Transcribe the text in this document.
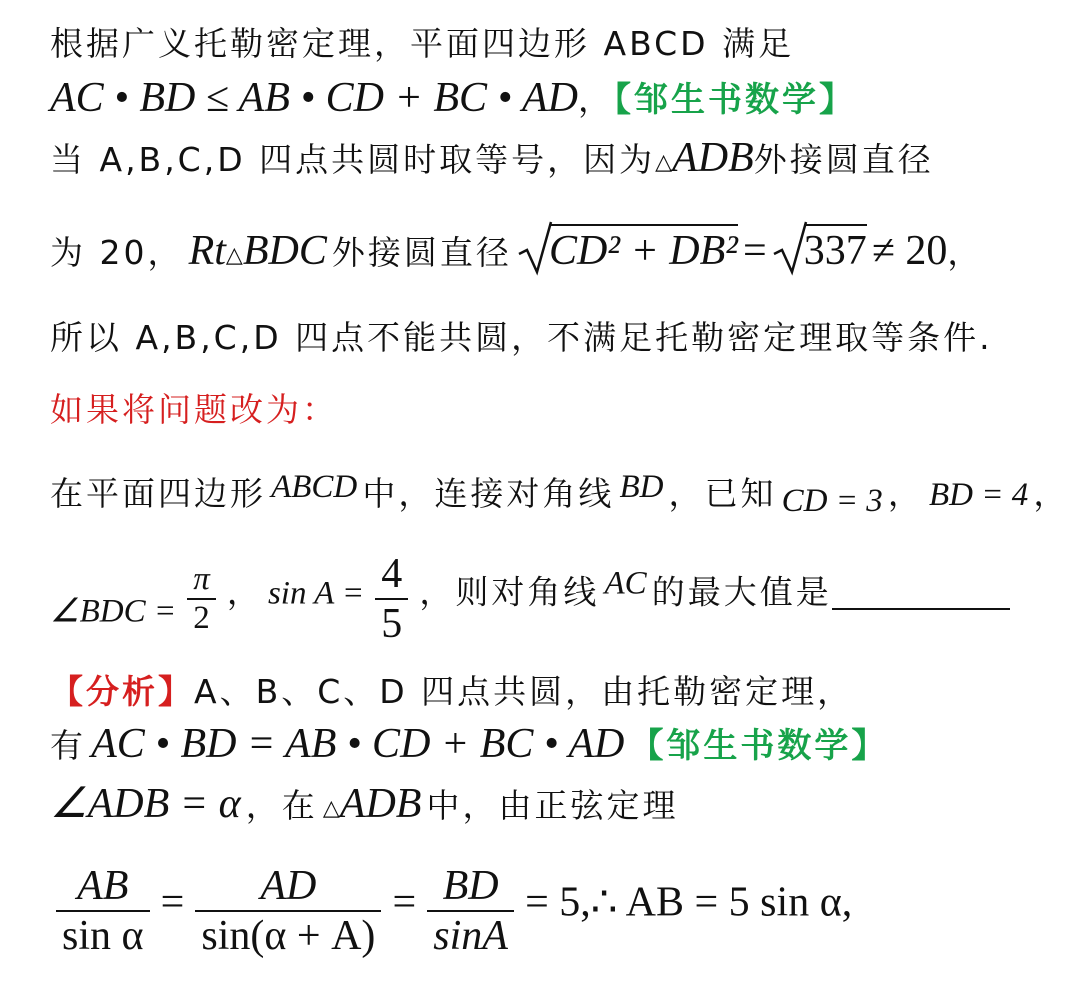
根据广义托勒密定理，平面四边形 ABCD 满足
AC • BD ≤ AB • CD + BC • AD，【邹生书数学】
当 A,B,C,D 四点共圆时取等号，因为△ADB外接圆直径
为 20， Rt△BDC 外接圆直径 CD² + DB² = 337 ≠ 20，
所以 A,B,C,D 四点不能共圆，不满足托勒密定理取等条件.
如果将问题改为：
在平面四边形 ABCD 中，连接对角线 BD ，已知 CD = 3 ， BD = 4 ，
∠BDC = $\frac{\pi}{2}$ ， $\sin A = \frac{4}{5}$ ，则对角线 AC 的最大值是
【分析】A、B、C、D 四点共圆，由托勒密定理，
有 AC • BD = AB • CD + BC • AD 【邹生书数学】
∠ADB = α ，在 △ADB 中，由正弦定理
$\frac{AB}{\text{sin α}} = \frac{AD}{\sin(\alpha + A)} = \frac{BD}{\sin A}$ = 5,∴ AB = 5 sin α,
